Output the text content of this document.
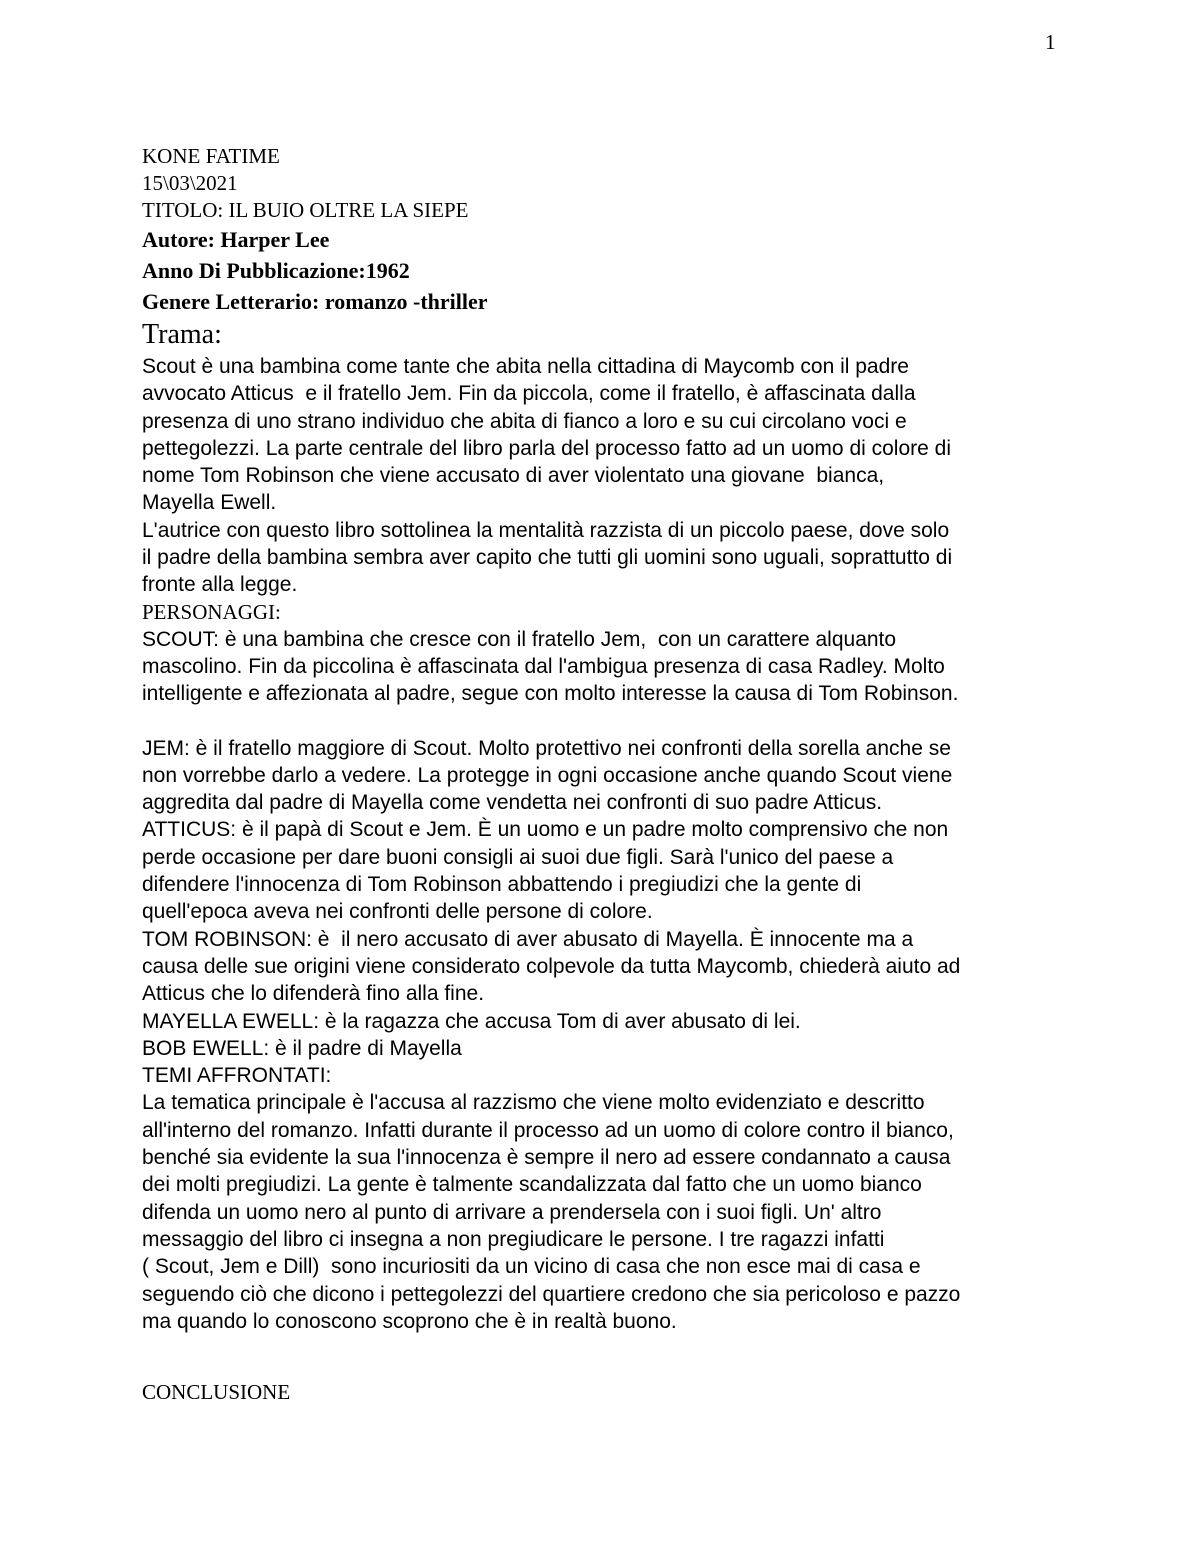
1
KONE FATIME
15\03\2021
TITOLO: IL BUIO OLTRE LA SIEPE
Autore: Harper Lee
Anno Di Pubblicazione:1962
Genere Letterario: romanzo -thriller
Trama:
Scout è una bambina come tante che abita nella cittadina di Maycomb con il padre
avvocato Atticus  e il fratello Jem. Fin da piccola, come il fratello, è affascinata dalla
presenza di uno strano individuo che abita di fianco a loro e su cui circolano voci e
pettegolezzi. La parte centrale del libro parla del processo fatto ad un uomo di colore di
nome Tom Robinson che viene accusato di aver violentato una giovane  bianca,
Mayella Ewell.
L'autrice con questo libro sottolinea la mentalità razzista di un piccolo paese, dove solo
il padre della bambina sembra aver capito che tutti gli uomini sono uguali, soprattutto di
fronte alla legge.
PERSONAGGI:
SCOUT: è una bambina che cresce con il fratello Jem,  con un carattere alquanto
mascolino. Fin da piccolina è affascinata dal l'ambigua presenza di casa Radley. Molto
intelligente e affezionata al padre, segue con molto interesse la causa di Tom Robinson.
JEM: è il fratello maggiore di Scout. Molto protettivo nei confronti della sorella anche se
non vorrebbe darlo a vedere. La protegge in ogni occasione anche quando Scout viene
aggredita dal padre di Mayella come vendetta nei confronti di suo padre Atticus.
ATTICUS: è il papà di Scout e Jem. È un uomo e un padre molto comprensivo che non
perde occasione per dare buoni consigli ai suoi due figli. Sarà l'unico del paese a
difendere l'innocenza di Tom Robinson abbattendo i pregiudizi che la gente di
quell'epoca aveva nei confronti delle persone di colore.
TOM ROBINSON: è  il nero accusato di aver abusato di Mayella. È innocente ma a
causa delle sue origini viene considerato colpevole da tutta Maycomb, chiederà aiuto ad
Atticus che lo difenderà fino alla fine.
MAYELLA EWELL: è la ragazza che accusa Tom di aver abusato di lei.
BOB EWELL: è il padre di Mayella
TEMI AFFRONTATI:
La tematica principale è l'accusa al razzismo che viene molto evidenziato e descritto
all'interno del romanzo. Infatti durante il processo ad un uomo di colore contro il bianco,
benché sia evidente la sua l'innocenza è sempre il nero ad essere condannato a causa
dei molti pregiudizi. La gente è talmente scandalizzata dal fatto che un uomo bianco
difenda un uomo nero al punto di arrivare a prendersela con i suoi figli. Un' altro
messaggio del libro ci insegna a non pregiudicare le persone. I tre ragazzi infatti
( Scout, Jem e Dill)  sono incuriositi da un vicino di casa che non esce mai di casa e
seguendo ciò che dicono i pettegolezzi del quartiere credono che sia pericoloso e pazzo
ma quando lo conoscono scoprono che è in realtà buono.
CONCLUSIONE
